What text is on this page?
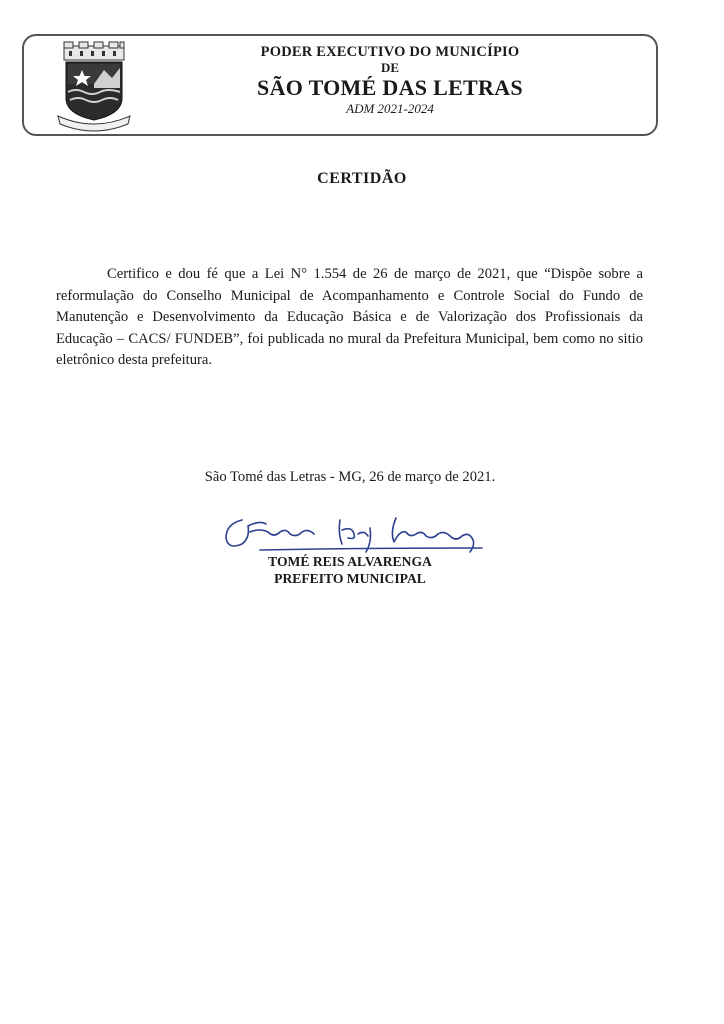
PODER EXECUTIVO DO MUNICÍPIO
DE
SÃO TOMÉ DAS LETRAS
ADM 2021-2024
CERTIDÃO
Certifico e dou fé que a Lei N° 1.554 de 26 de março de 2021, que “Dispõe sobre a reformulação do Conselho Municipal de Acompanhamento e Controle Social do Fundo de Manutenção e Desenvolvimento da Educação Básica e de Valorização dos Profissionais da Educação – CACS/ FUNDEB”, foi publicada no mural da Prefeitura Municipal, bem como no sitio eletrônico desta prefeitura.
São Tomé das Letras - MG, 26 de março de 2021.
TOMÉ REIS ALVARENGA
PREFEITO MUNICIPAL
